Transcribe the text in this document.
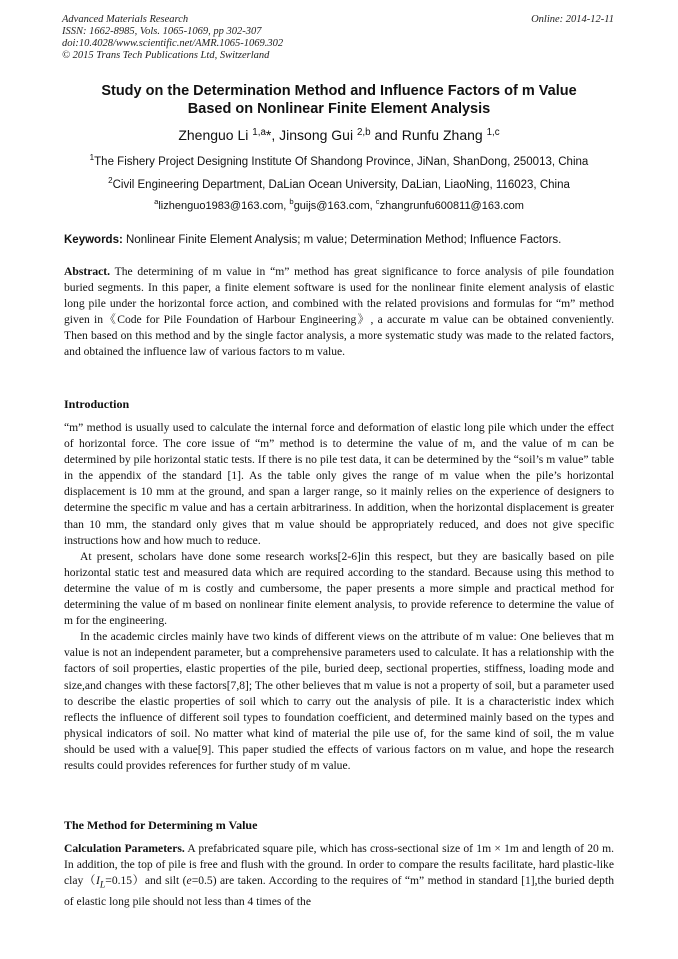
Advanced Materials Research
ISSN: 1662-8985, Vols. 1065-1069, pp 302-307
doi:10.4028/www.scientific.net/AMR.1065-1069.302
© 2015 Trans Tech Publications Ltd, Switzerland
Online: 2014-12-11
Study on the Determination Method and Influence Factors of m Value
Based on Nonlinear Finite Element Analysis
Zhenguo Li $^{1,a}$*, Jinsong Gui $^{2,b}$ and Runfu Zhang $^{1,c}$
$^1$The Fishery Project Designing Institute Of Shandong Province, JiNan, ShanDong, 250013, China
$^2$Civil Engineering Department, DaLian Ocean University, DaLian, LiaoNing, 116023, China
$^a$lizhenguo1983@163.com, $^b$guijs@163.com, $^c$zhangrunfu600811@163.com
Keywords: Nonlinear Finite Element Analysis; m value; Determination Method; Influence Factors.

Abstract. The determining of m value in “m” method has great significance to force analysis of pile foundation buried segments. In this paper, a finite element software is used for the nonlinear finite element analysis of elastic long pile under the horizontal force action, and combined with the related provisions and formulas for “m” method given in《Code for Pile Foundation of Harbour Engineering》, a accurate m value can be obtained conveniently. Then based on this method and by the single factor analysis, a more systematic study was made to the related factors, and obtained the influence law of various factors to m value.

Introduction

“m” method is usually used to calculate the internal force and deformation of elastic long pile which under the effect of horizontal force. The core issue of “m” method is to determine the value of m, and the value of m can be determined by pile horizontal static tests. If there is no pile test data, it can be determined by the “soil’s m value” table in the appendix of the standard [1]. As the table only gives the range of m value when the pile’s horizontal displacement is 10 mm at the ground, and span a larger range, so it mainly relies on the experience of designers to determine the specific m value and has a certain arbitrariness. In addition, when the horizontal displacement is greater than 10 mm, the standard only gives that m value should be appropriately reduced, and does not give specific instructions how and how much to reduce.

At present, scholars have done some research works[2-6]in this respect, but they are basically based on pile horizontal static test and measured data which are required according to the standard. Because using this method to determine the value of m is costly and cumbersome, the paper presents a more simple and practical method for determining the value of m based on nonlinear finite element analysis, to provide reference to determine the value of m for the engineering.

In the academic circles mainly have two kinds of different views on the attribute of m value: One believes that m value is not an independent parameter, but a comprehensive parameters used to calculate. It has a relationship with the factors of soil properties, elastic properties of the pile, buried deep, sectional properties, stiffness, loading mode and size,and changes with these factors[7,8]; The other believes that m value is not a property of soil, but a parameter used to describe the elastic properties of soil which to carry out the analysis of pile. It is a characteristic index which reflects the influence of different soil types to foundation coefficient, and determined mainly based on the types and physical indicators of soil. No matter what kind of material the pile use of, for the same kind of soil, the m value should be used with a value[9]. This paper studied the effects of various factors on m value, and hope the research results could provides references for further study of m value.

The Method for Determining m Value

Calculation Parameters. A prefabricated square pile, which has cross-sectional size of 1m × 1m and length of 20 m. In addition, the top of pile is free and flush with the ground. In order to compare the results facilitate, hard plastic-like $clay(I_L=0.15)and$ silt (e=0.5) are taken. According to the requires of “m” method in standard [1],the buried depth of elastic long pile should not less than 4 times of the
